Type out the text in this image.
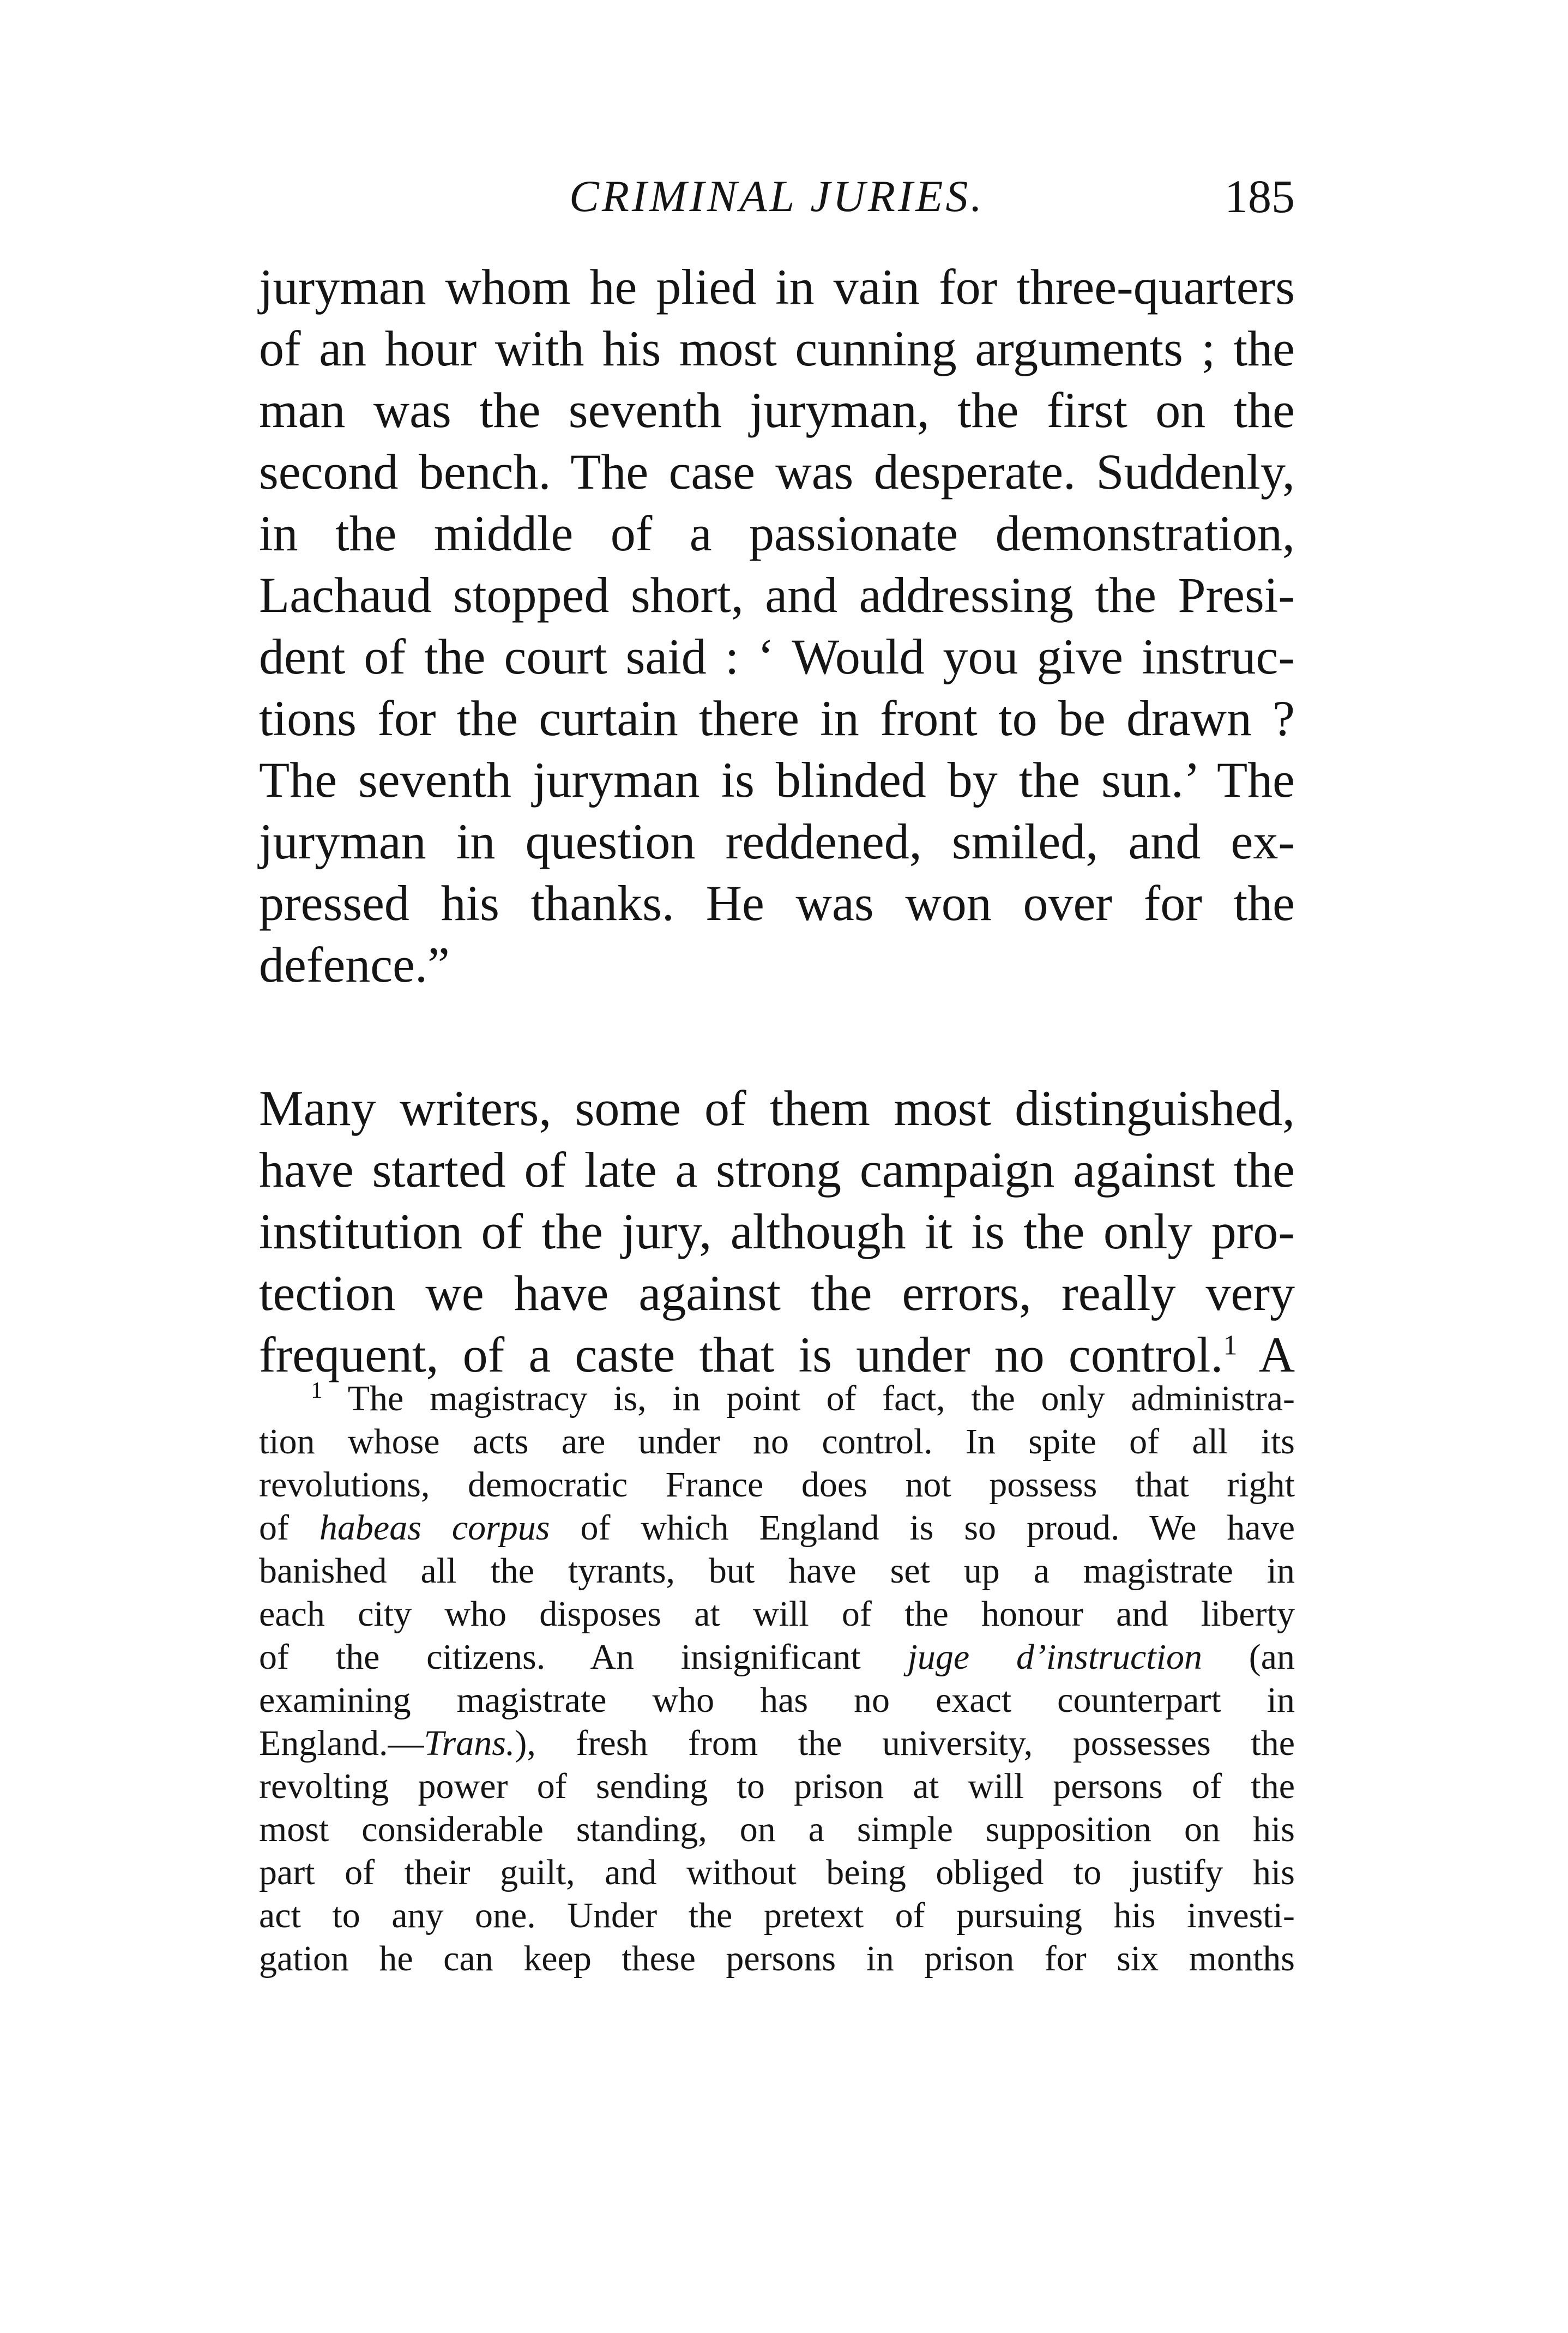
CRIMINAL JURIES.	185

juryman whom he plied in vain for three-quarters
of an hour with his most cunning arguments ; the
man was the seventh juryman, the first on the
second bench. The case was desperate. Suddenly,
in the middle of a passionate demonstration,
Lachaud stopped short, and addressing the Presi-
dent of the court said : ‘ Would you give instruc-
tions for the curtain there in front to be drawn ?
The seventh juryman is blinded by the sun.’ The
juryman in question reddened, smiled, and ex-
pressed his thanks. He was won over for the
defence.”

Many writers, some of them most distinguished,
have started of late a strong campaign against the
institution of the jury, although it is the only pro-
tection we have against the errors, really very
frequent, of a caste that is under no control.$^1$ A

$^1$ The magistracy is, in point of fact, the only administra-
tion whose acts are under no control. In spite of all its
revolutions, democratic France does not possess that right
of habeas corpus of which England is so proud. We have
banished all the tyrants, but have set up a magistrate in
each city who disposes at will of the honour and liberty
of the citizens. An insignificant juge d’instruction (an
examining magistrate who has no exact counterpart in
England.—Trans.), fresh from the university, possesses the
revolting power of sending to prison at will persons of the
most considerable standing, on a simple supposition on his
part of their guilt, and without being obliged to justify his
act to any one. Under the pretext of pursuing his investi-
gation he can keep these persons in prison for six months
